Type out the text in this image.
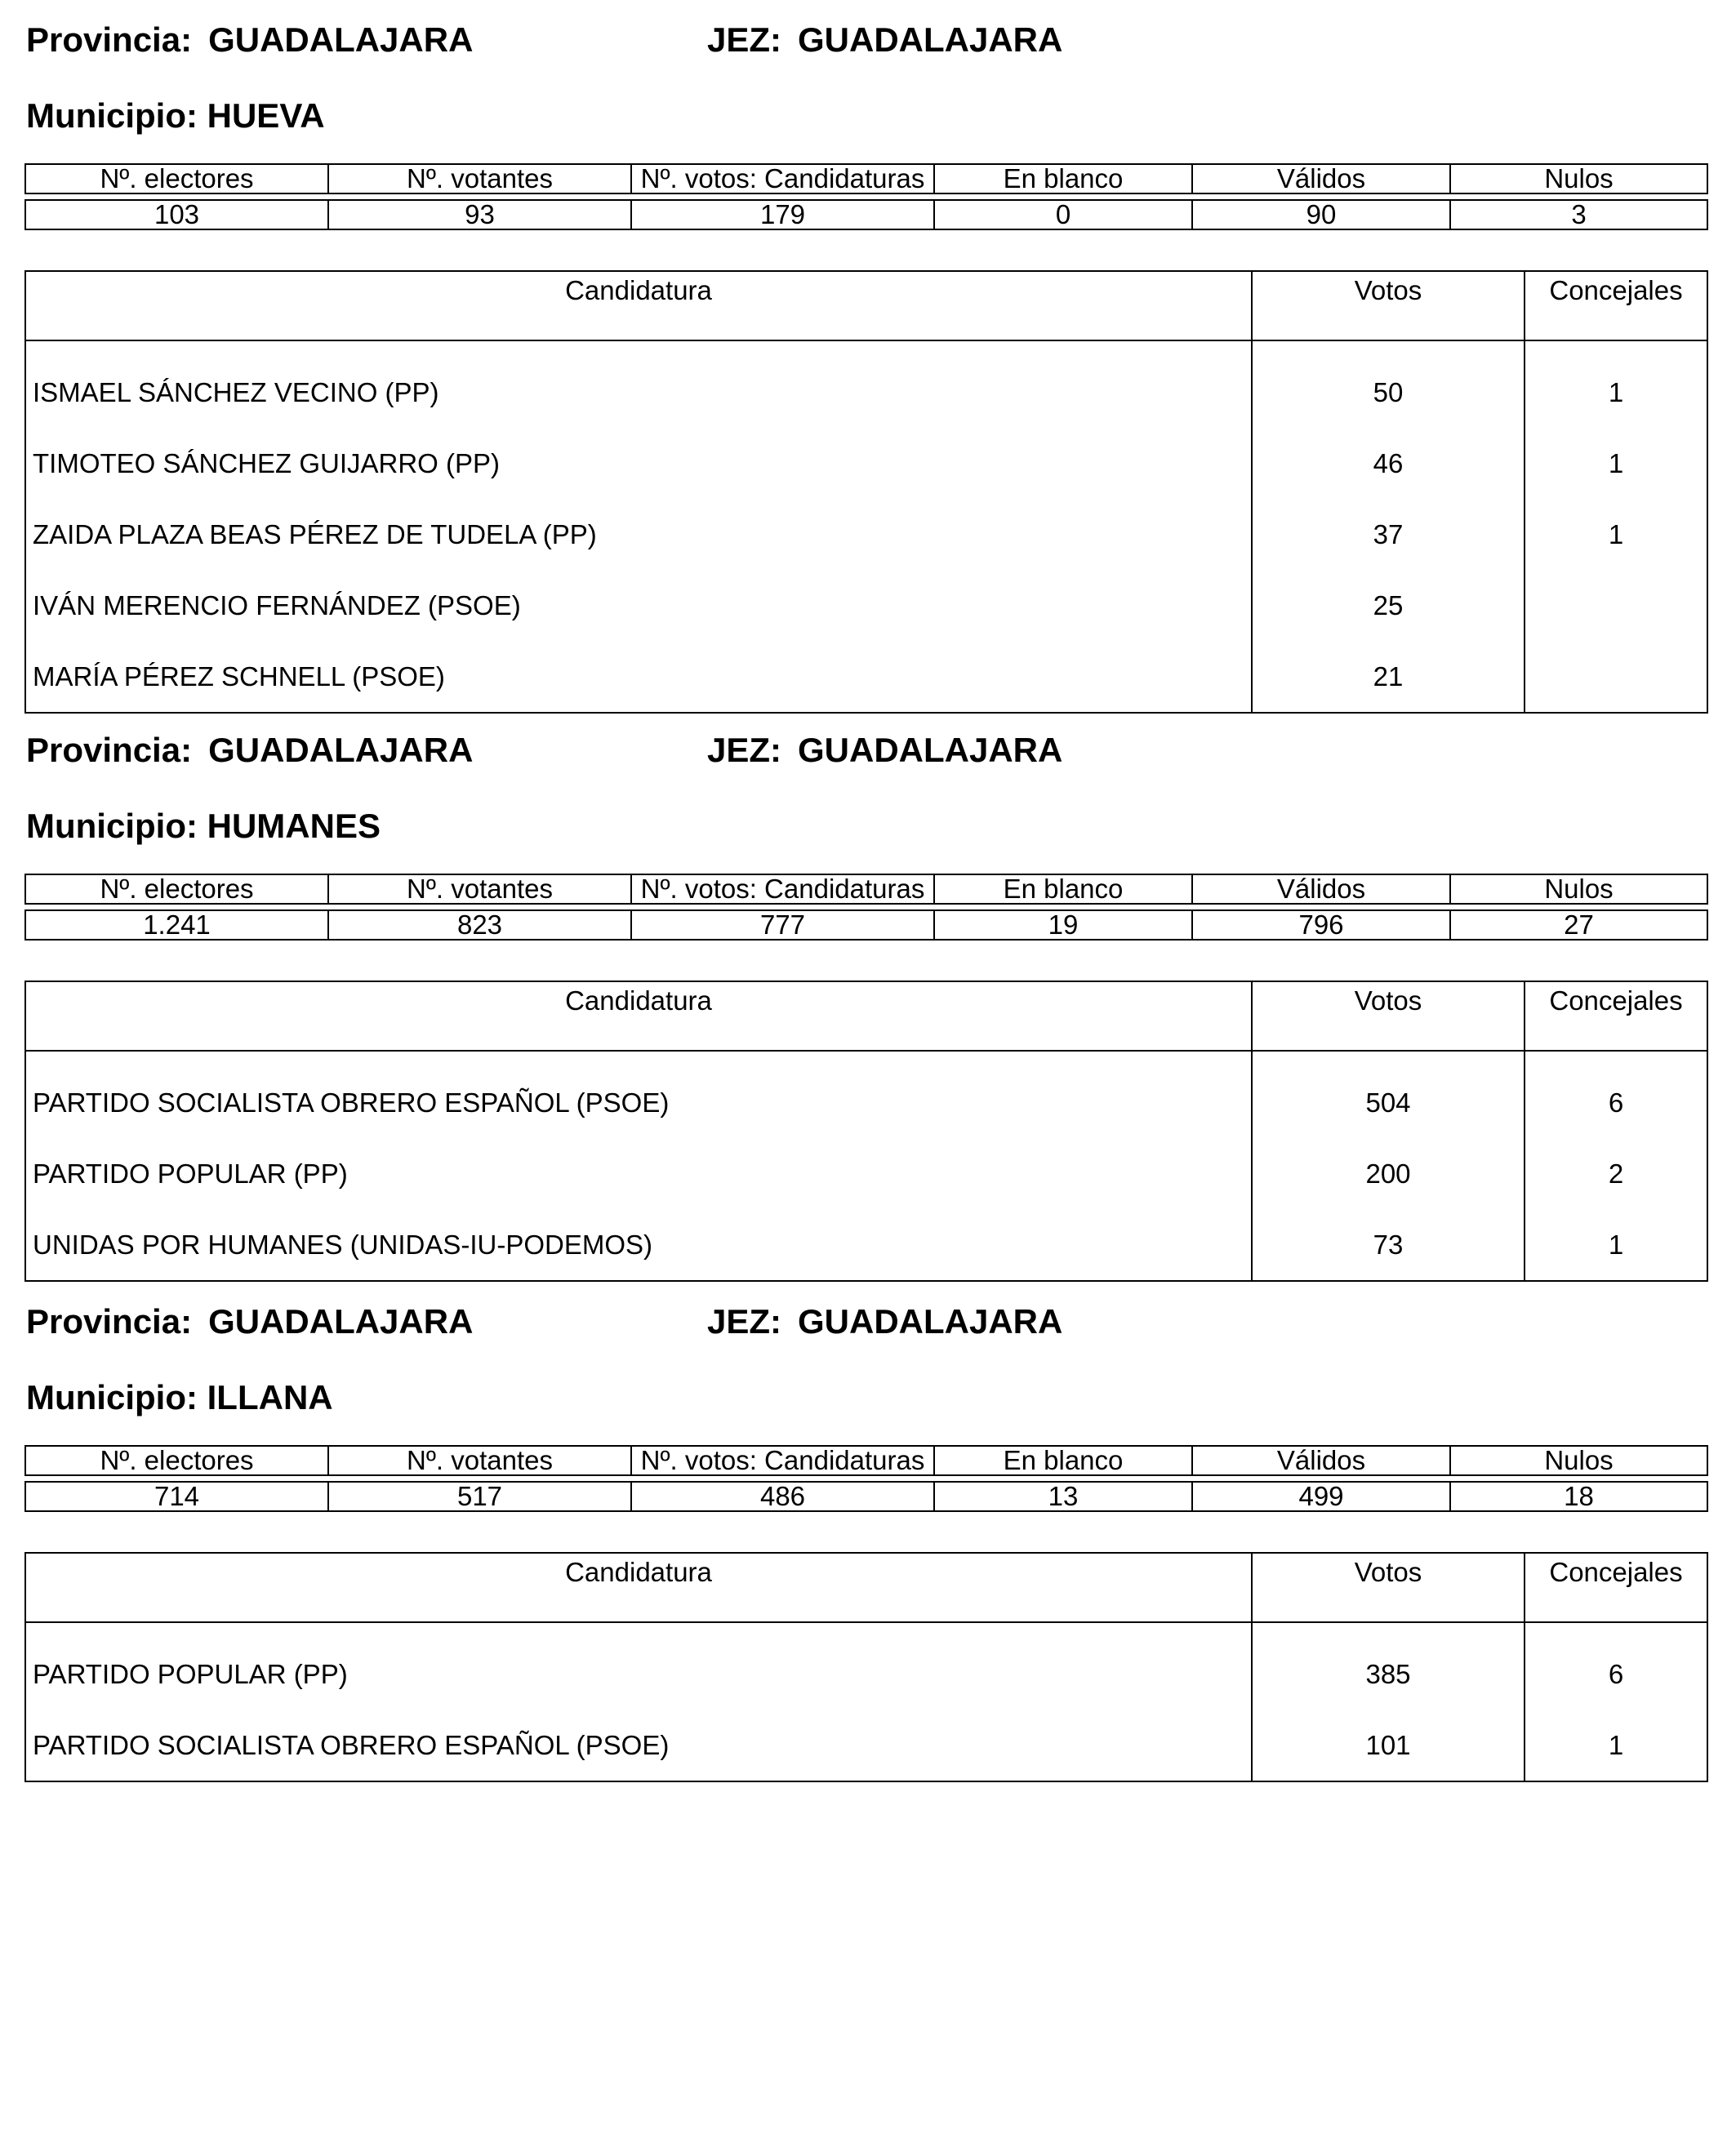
Provincia: GUADALAJARA	JEZ: GUADALAJARA
Municipio: HUEVA
Nº. electores	Nº. votantes	Nº. votos: Candidaturas	En blanco	Válidos	Nulos

103	93	179	0	90	3
Candidatura	Votos	Concejales
ISMAEL SÁNCHEZ VECINO (PP)	50	1
TIMOTEO SÁNCHEZ GUIJARRO (PP)	46	1
ZAIDA PLAZA BEAS PÉREZ DE TUDELA (PP)	37	1
IVÁN MERENCIO FERNÁNDEZ (PSOE)	25	
MARÍA PÉREZ SCHNELL (PSOE)	21	
Provincia: GUADALAJARA	JEZ: GUADALAJARA
Municipio: HUMANES
Nº. electores	Nº. votantes	Nº. votos: Candidaturas	En blanco	Válidos	Nulos

1.241	823	777	19	796	27
Candidatura	Votos	Concejales
PARTIDO SOCIALISTA OBRERO ESPAÑOL (PSOE)	504	6
PARTIDO POPULAR (PP)	200	2
UNIDAS POR HUMANES (UNIDAS-IU-PODEMOS)	73	1
Provincia: GUADALAJARA	JEZ: GUADALAJARA
Municipio: ILLANA
Nº. electores	Nº. votantes	Nº. votos: Candidaturas	En blanco	Válidos	Nulos

714	517	486	13	499	18
Candidatura	Votos	Concejales
PARTIDO POPULAR (PP)	385	6
PARTIDO SOCIALISTA OBRERO ESPAÑOL (PSOE)	101	1
